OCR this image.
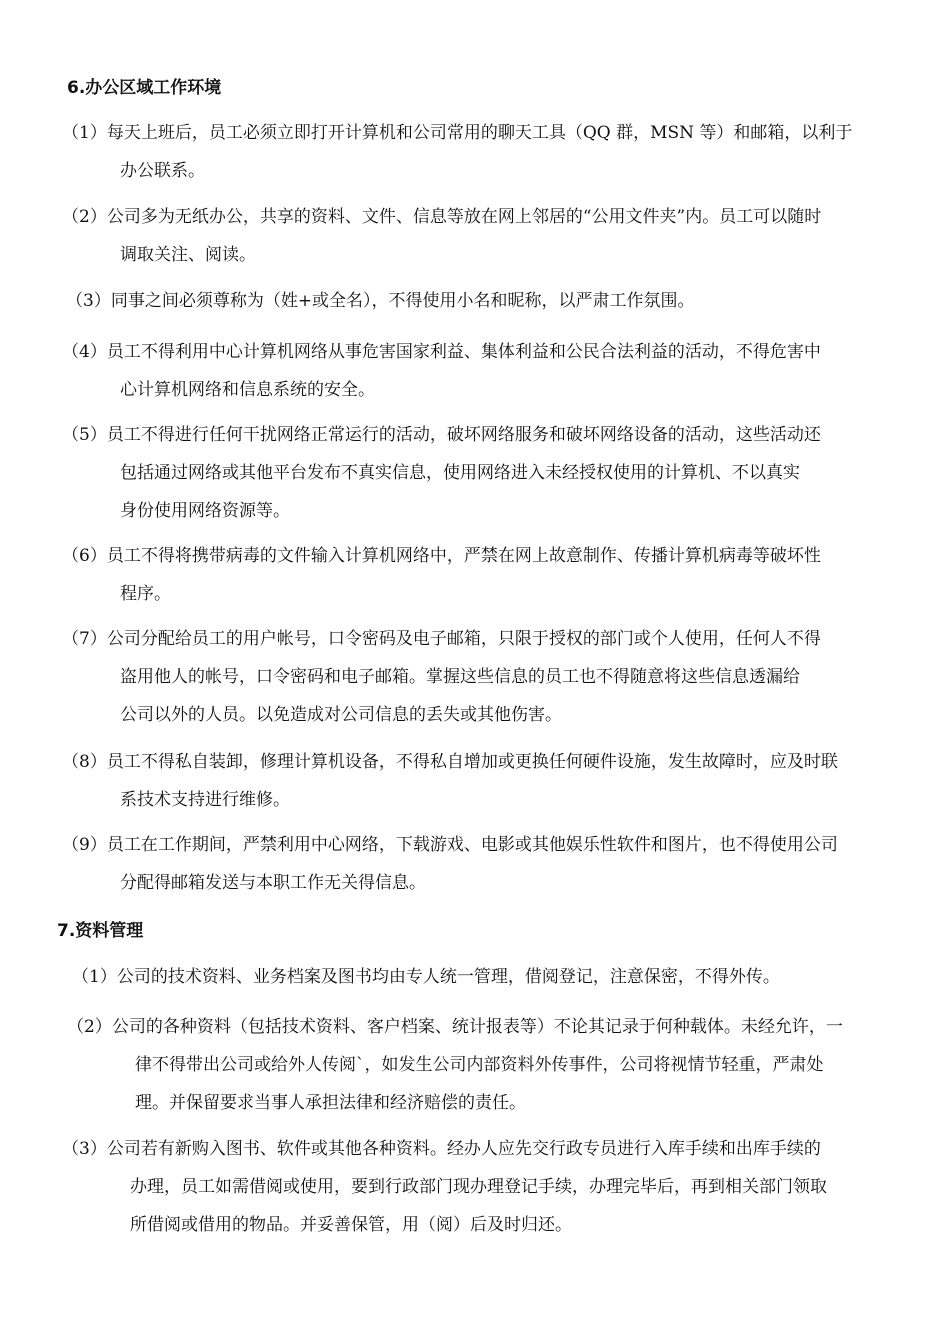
6.办公区域工作环境
（1）每天上班后，员工必须立即打开计算机和公司常用的聊天工具（QQ 群，MSN 等）和邮箱，以利于
办公联系。
（2）公司多为无纸办公，共享的资料、文件、信息等放在网上邻居的“公用文件夹”内。员工可以随时
调取关注、阅读。
（3）同事之间必须尊称为（姓+或全名），不得使用小名和昵称，以严肃工作氛围。
（4）员工不得利用中心计算机网络从事危害国家利益、集体利益和公民合法利益的活动，不得危害中
心计算机网络和信息系统的安全。
（5）员工不得进行任何干扰网络正常运行的活动，破坏网络服务和破坏网络设备的活动，这些活动还
包括通过网络或其他平台发布不真实信息，使用网络进入未经授权使用的计算机、不以真实
身份使用网络资源等。
（6）员工不得将携带病毒的文件输入计算机网络中，严禁在网上故意制作、传播计算机病毒等破坏性
程序。
（7）公司分配给员工的用户帐号，口令密码及电子邮箱，只限于授权的部门或个人使用，任何人不得
盗用他人的帐号，口令密码和电子邮箱。掌握这些信息的员工也不得随意将这些信息透漏给
公司以外的人员。以免造成对公司信息的丢失或其他伤害。
（8）员工不得私自装卸，修理计算机设备，不得私自增加或更换任何硬件设施，发生故障时，应及时联
系技术支持进行维修。
（9）员工在工作期间，严禁利用中心网络，下载游戏、电影或其他娱乐性软件和图片，也不得使用公司
分配得邮箱发送与本职工作无关得信息。
7.资料管理
（1）公司的技术资料、业务档案及图书均由专人统一管理，借阅登记，注意保密，不得外传。
（2）公司的各种资料（包括技术资料、客户档案、统计报表等）不论其记录于何种载体。未经允许，一
律不得带出公司或给外人传阅`，如发生公司内部资料外传事件，公司将视情节轻重，严肃处
理。并保留要求当事人承担法律和经济赔偿的责任。
（3）公司若有新购入图书、软件或其他各种资料。经办人应先交行政专员进行入库手续和出库手续的
办理，员工如需借阅或使用，要到行政部门现办理登记手续，办理完毕后，再到相关部门领取
所借阅或借用的物品。并妥善保管，用（阅）后及时归还。
